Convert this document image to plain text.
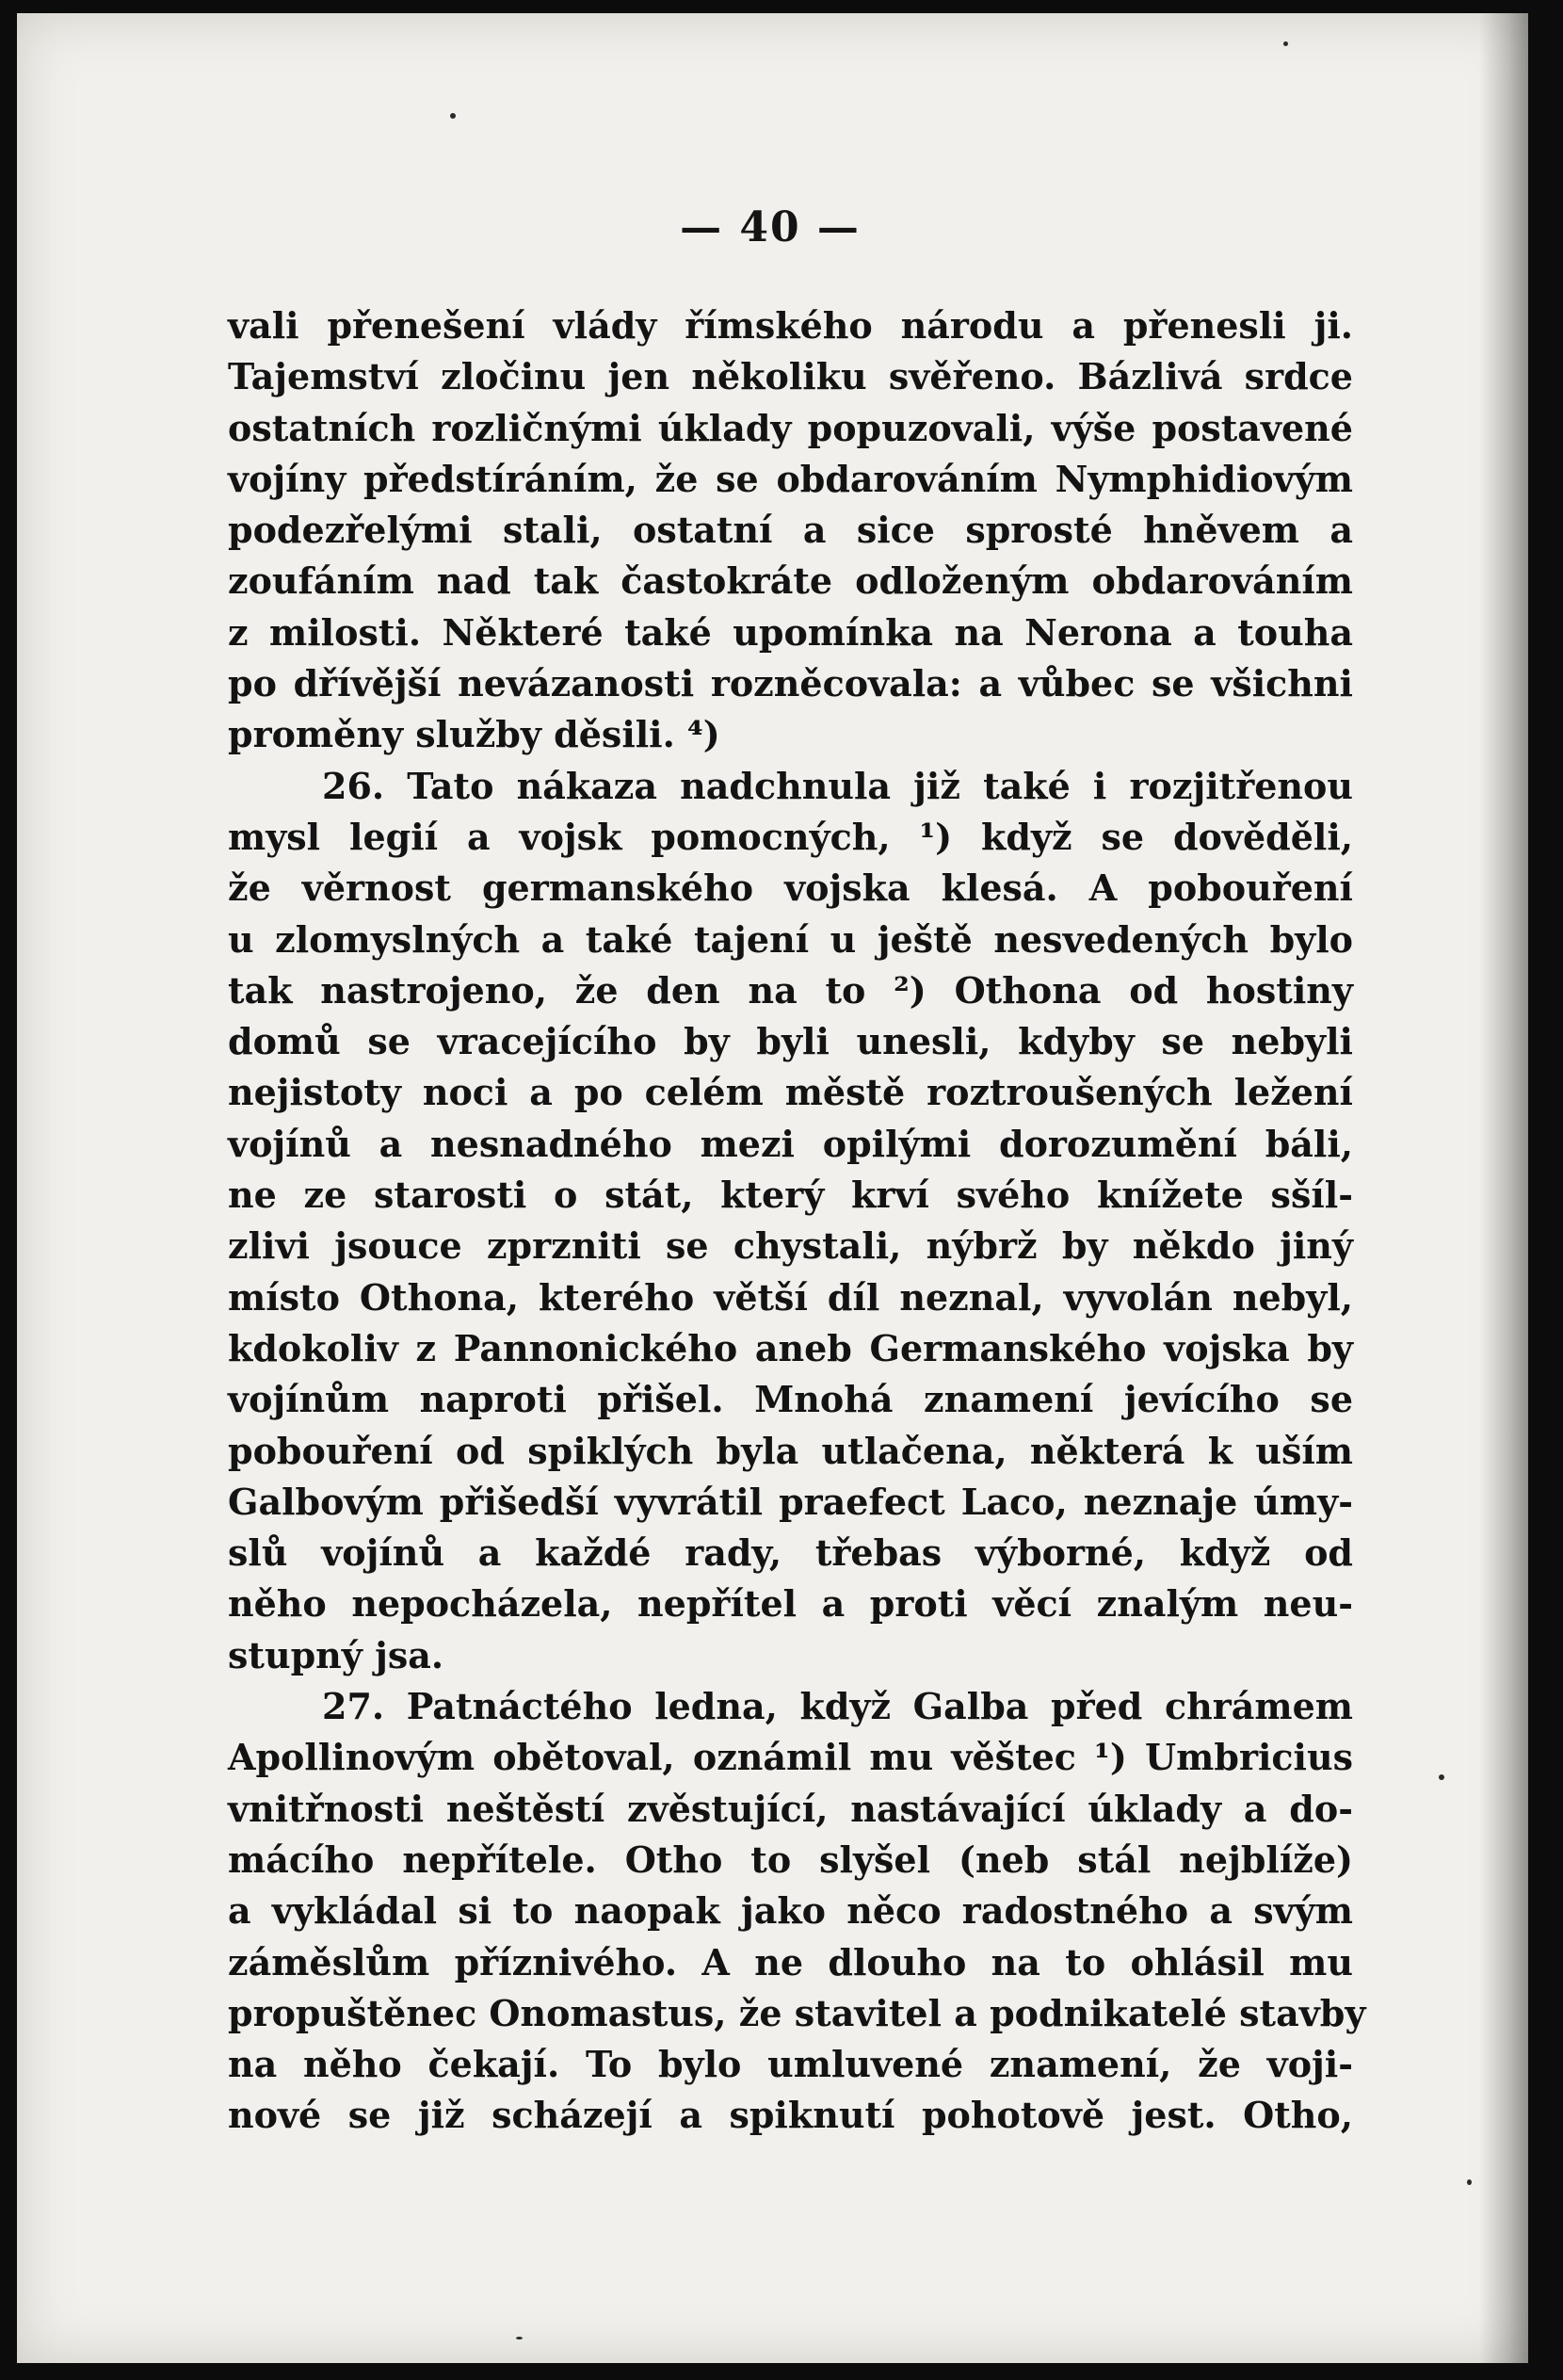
— 40 —
vali přenešení vlády římského národu a přenesli ji.
Tajemství zločinu jen několiku svěřeno. Bázlivá srdce
ostatních rozličnými úklady popuzovali, výše postavené
vojíny předstíráním, že se obdarováním Nymphidiovým
podezřelými stali, ostatní a sice sprosté hněvem a
zoufáním nad tak častokráte odloženým obdarováním
z milosti. Některé také upomínka na Nerona a touha
po dřívější nevázanosti rozněcovala: a vůbec se všichni
proměny služby děsili. ⁴)
26. Tato nákaza nadchnula již také i rozjitřenou
mysl legií a vojsk pomocných, ¹) když se dověděli,
že věrnost germanského vojska klesá. A pobouření
u zlomyslných a také tajení u ještě nesvedených bylo
tak nastrojeno, že den na to ²) Othona od hostiny
domů se vracejícího by byli unesli, kdyby se nebyli
nejistoty noci a po celém městě roztroušených ležení
vojínů a nesnadného mezi opilými dorozumění báli,
ne ze starosti o stát, který krví svého knížete sšíl-
zlivi jsouce zprzniti se chystali, nýbrž by někdo jiný
místo Othona, kterého větší díl neznal, vyvolán nebyl,
kdokoliv z Pannonického aneb Germanského vojska by
vojínům naproti přišel. Mnohá znamení jevícího se
pobouření od spiklých byla utlačena, některá k uším
Galbovým přišedší vyvrátil praefect Laco, neznaje úmy-
slů vojínů a každé rady, třebas výborné, když od
něho nepocházela, nepřítel a proti věcí znalým neu-
stupný jsa.
27. Patnáctého ledna, když Galba před chrámem
Apollinovým obětoval, oznámil mu věštec ¹) Umbricius
vnitřnosti neštěstí zvěstující, nastávající úklady a do-
mácího nepřítele. Otho to slyšel (neb stál nejblíže)
a vykládal si to naopak jako něco radostného a svým
záměslům příznivého. A ne dlouho na to ohlásil mu
propuštěnec Onomastus, že stavitel a podnikatelé stavby
na něho čekají. To bylo umluvené znamení, že voji-
nové se již scházejí a spiknutí pohotově jest. Otho,
